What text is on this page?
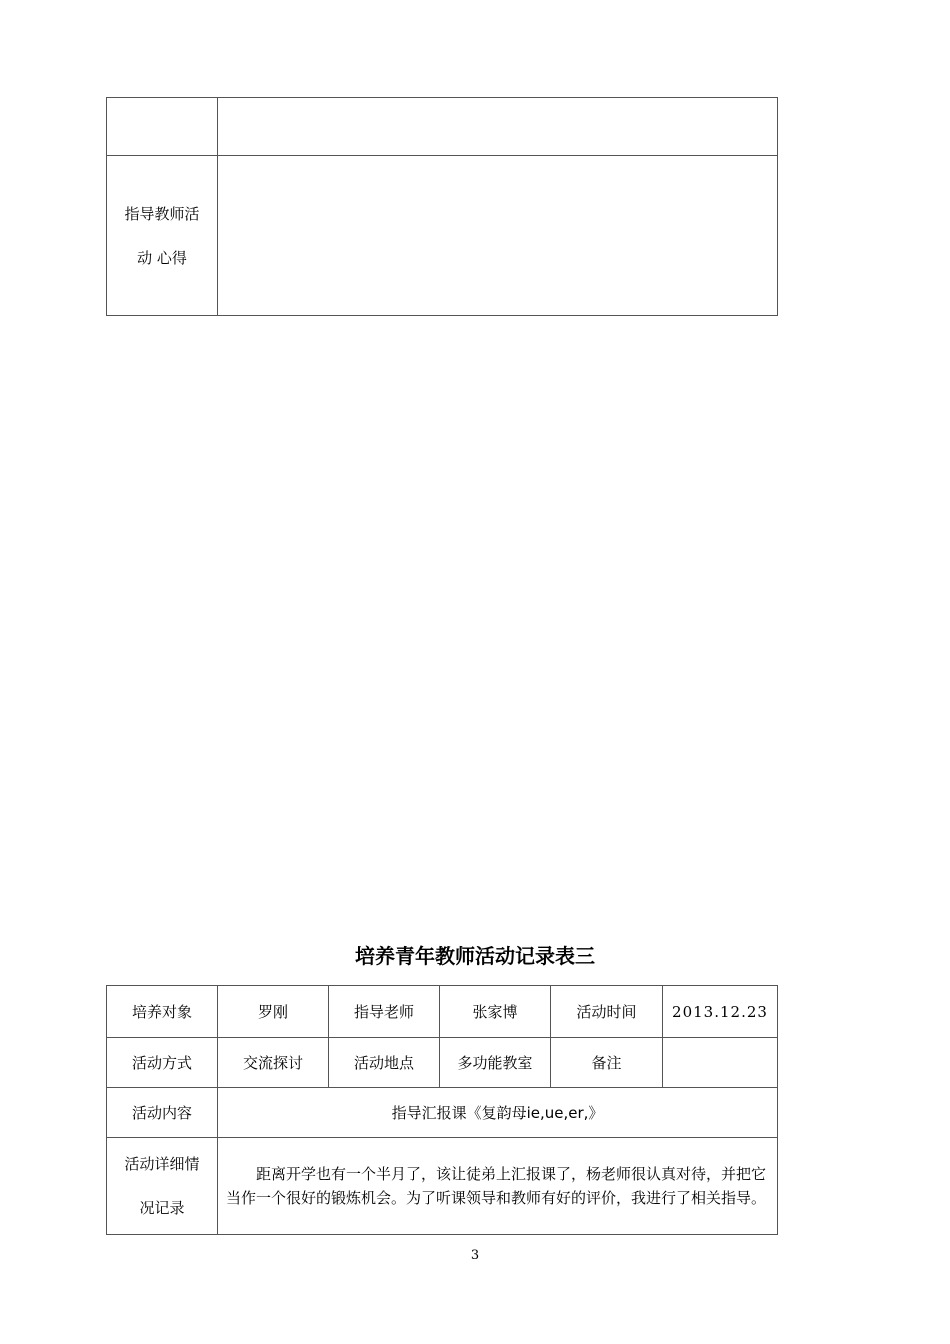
指导教师活
动 心得	

培养青年教师活动记录表三
培养对象	罗刚	指导老师	张家博	活动时间	2013.12.23
活动方式	交流探讨	活动地点	多功能教室	备注	
活动内容	指导汇报课《复韵母ie,ue,er,》				

活动详细情
况记录	距离开学也有一个半月了，该让徒弟上汇报课了，杨老师很认真对待，并把它当作一个很好的锻炼机会。为了听课领导和教师有好的评价，我进行了相关指导。				
3
